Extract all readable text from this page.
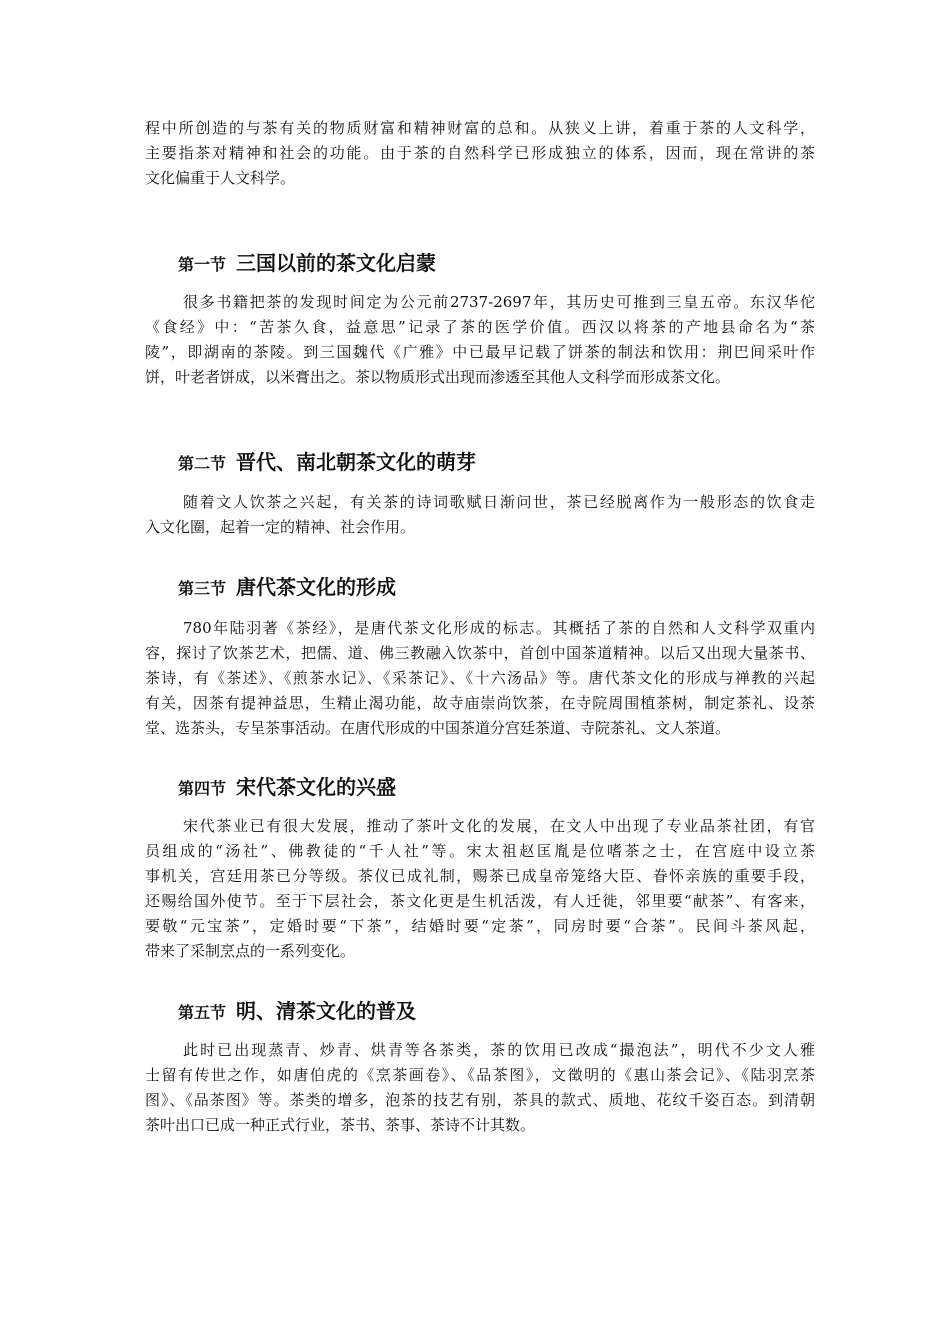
程中所创造的与茶有关的物质财富和精神财富的总和。从狭义上讲，着重于茶的人文科学，
主要指茶对精神和社会的功能。由于茶的自然科学已形成独立的体系，因而，现在常讲的茶
文化偏重于人文科学。
第一节 三国以前的茶文化启蒙
很多书籍把茶的发现时间定为公元前2737-2697年，其历史可推到三皇五帝。东汉华佗
《食经》中：“苦茶久食，益意思”记录了茶的医学价值。西汉以将茶的产地县命名为“茶
陵”，即湖南的茶陵。到三国魏代《广雅》中已最早记载了饼茶的制法和饮用：荆巴间采叶作
饼，叶老者饼成，以米膏出之。茶以物质形式出现而渗透至其他人文科学而形成茶文化。
第二节 晋代、南北朝茶文化的萌芽
随着文人饮茶之兴起，有关茶的诗词歌赋日渐问世，茶已经脱离作为一般形态的饮食走
入文化圈，起着一定的精神、社会作用。
第三节 唐代茶文化的形成
780年陆羽著《茶经》，是唐代茶文化形成的标志。其概括了茶的自然和人文科学双重内
容，探讨了饮茶艺术，把儒、道、佛三教融入饮茶中，首创中国茶道精神。以后又出现大量茶书、
茶诗，有《茶述》、《煎茶水记》、《采茶记》、《十六汤品》等。唐代茶文化的形成与禅教的兴起
有关，因茶有提神益思，生精止渴功能，故寺庙崇尚饮茶，在寺院周围植茶树，制定茶礼、设茶
堂、选茶头，专呈茶事活动。在唐代形成的中国茶道分宫廷茶道、寺院茶礼、文人茶道。
第四节 宋代茶文化的兴盛
宋代茶业已有很大发展，推动了茶叶文化的发展，在文人中出现了专业品茶社团，有官
员组成的“汤社”、佛教徒的“千人社”等。宋太祖赵匡胤是位嗜茶之士，在宫庭中设立茶
事机关，宫廷用茶已分等级。茶仪已成礼制，赐茶已成皇帝笼络大臣、眷怀亲族的重要手段，
还赐给国外使节。至于下层社会，茶文化更是生机活泼，有人迁徙，邻里要“献茶”、有客来，
要敬“元宝茶”，定婚时要“下茶”，结婚时要“定茶”，同房时要“合茶”。民间斗茶风起，
带来了采制烹点的一系列变化。
第五节 明、清茶文化的普及
此时已出现蒸青、炒青、烘青等各茶类，茶的饮用已改成“撮泡法”，明代不少文人雅
士留有传世之作，如唐伯虎的《烹茶画卷》、《品茶图》，文徵明的《惠山茶会记》、《陆羽烹茶
图》、《品茶图》等。茶类的增多，泡茶的技艺有别，茶具的款式、质地、花纹千姿百态。到清朝
茶叶出口已成一种正式行业，茶书、茶事、茶诗不计其数。
